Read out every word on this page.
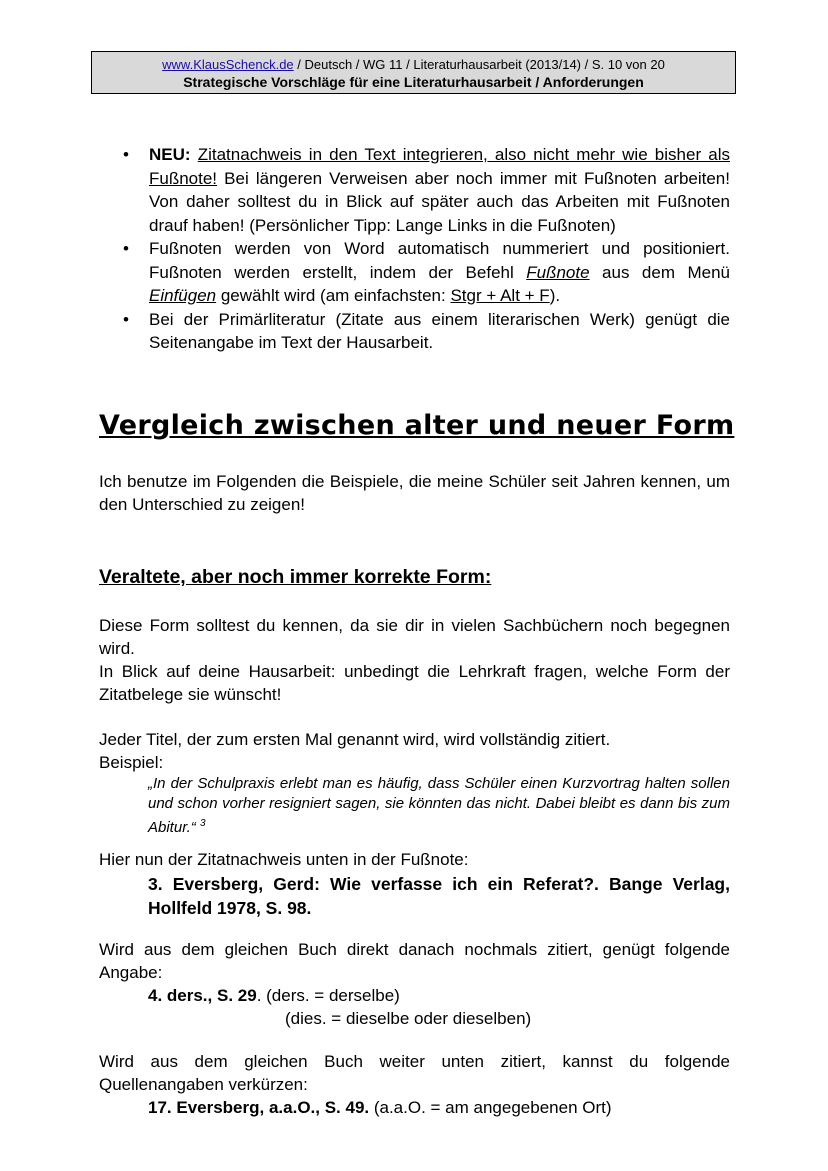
www.KlausSchenck.de / Deutsch / WG 11 / Literaturhausarbeit (2013/14) / S. 10 von 20
Strategische Vorschläge für eine Literaturhausarbeit / Anforderungen
• NEU: Zitatnachweis in den Text integrieren, also nicht mehr wie bisher als Fußnote! Bei längeren Verweisen aber noch immer mit Fußnoten arbeiten! Von daher solltest du in Blick auf später auch das Arbeiten mit Fußnoten drauf haben! (Persönlicher Tipp: Lange Links in die Fußnoten)
• Fußnoten werden von Word automatisch nummeriert und positioniert. Fußnoten werden erstellt, indem der Befehl Fußnote aus dem Menü Einfügen gewählt wird (am einfachsten: Stgr + Alt + F).
• Bei der Primärliteratur (Zitate aus einem literarischen Werk) genügt die Seitenangabe im Text der Hausarbeit.
Vergleich zwischen alter und neuer Form
Ich benutze im Folgenden die Beispiele, die meine Schüler seit Jahren kennen, um den Unterschied zu zeigen!
Veraltete, aber noch immer korrekte Form:
Diese Form solltest du kennen, da sie dir in vielen Sachbüchern noch begegnen wird.
In Blick auf deine Hausarbeit: unbedingt die Lehrkraft fragen, welche Form der Zitatbelege sie wünscht!
Jeder Titel, der zum ersten Mal genannt wird, wird vollständig zitiert.
Beispiel:
„In der Schulpraxis erlebt man es häufig, dass Schüler einen Kurzvortrag halten sollen und schon vorher resigniert sagen, sie könnten das nicht. Dabei bleibt es dann bis zum Abitur.“ $^3$
Hier nun der Zitatnachweis unten in der Fußnote:
3. Eversberg, Gerd: Wie verfasse ich ein Referat?. Bange Verlag, Hollfeld 1978, S. 98.
Wird aus dem gleichen Buch direkt danach nochmals zitiert, genügt folgende Angabe:
4. ders., S. 29. (ders. = derselbe)
(dies. = dieselbe oder dieselben)
Wird aus dem gleichen Buch weiter unten zitiert, kannst du folgende Quellenangaben verkürzen:
17. Eversberg, a.a.O., S. 49. (a.a.O. = am angegebenen Ort)
